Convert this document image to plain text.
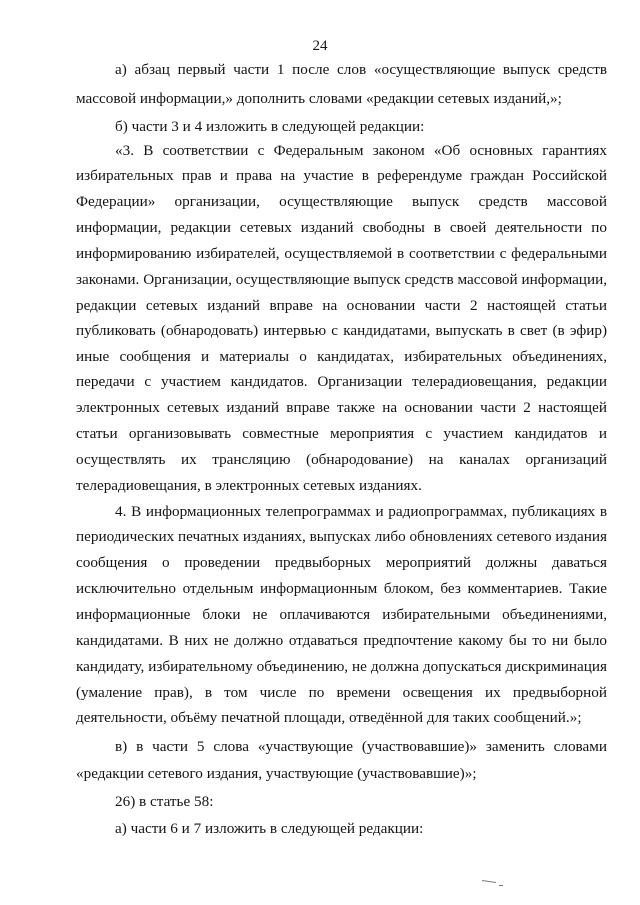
24
а) абзац первый части 1 после слов «осуществляющие выпуск средств
массовой информации,» дополнить словами «редакции сетевых изданий,»;
б) части 3 и 4 изложить в следующей редакции:
«3. В соответствии с Федеральным законом «Об основных гарантиях
избирательных прав и права на участие в референдуме граждан Российской
Федерации» организации, осуществляющие выпуск средств массовой
информации, редакции сетевых изданий свободны в своей деятельности по
информированию избирателей, осуществляемой в соответствии с федеральными
законами. Организации, осуществляющие выпуск средств массовой информации,
редакции сетевых изданий вправе на основании части 2 настоящей статьи
публиковать (обнародовать) интервью с кандидатами, выпускать в свет (в эфир)
иные сообщения и материалы о кандидатах, избирательных объединениях,
передачи с участием кандидатов. Организации телерадиовещания, редакции
электронных сетевых изданий вправе также на основании части 2 настоящей
статьи организовывать совместные мероприятия с участием кандидатов и
осуществлять их трансляцию (обнародование) на каналах организаций
телерадиовещания, в электронных сетевых изданиях.
4. В информационных телепрограммах и радиопрограммах, публикациях в
периодических печатных изданиях, выпусках либо обновлениях сетевого издания
сообщения о проведении предвыборных мероприятий должны даваться
исключительно отдельным информационным блоком, без комментариев. Такие
информационные блоки не оплачиваются избирательными объединениями,
кандидатами. В них не должно отдаваться предпочтение какому бы то ни было
кандидату, избирательному объединению, не должна допускаться дискриминация
(умаление прав), в том числе по времени освещения их предвыборной
деятельности, объёму печатной площади, отведённой для таких сообщений.»;
в) в части 5 слова «участвующие (участвовавшие)» заменить словами
«редакции сетевого издания, участвующие (участвовавшие)»;
26) в статье 58:
а) части 6 и 7 изложить в следующей редакции:
